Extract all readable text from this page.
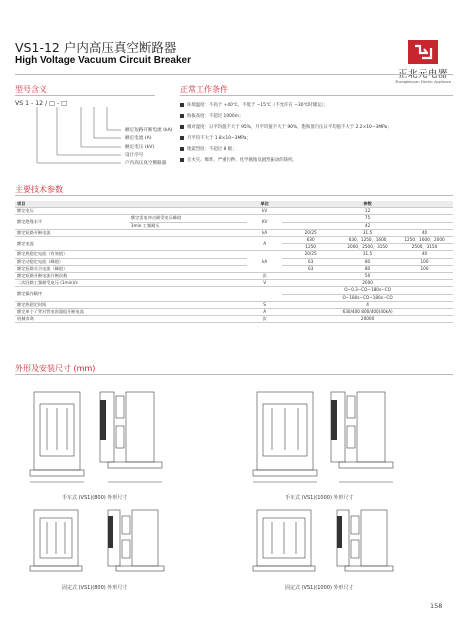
VS1-12 户内高压真空断路器
High Voltage Vacuum Circuit Breaker
Zhengbeiyuan Electric Appliance
型号含义
VS 1 - 12 / □ - □
额定短路开断电流 (kA)
额定电流 (A)
额定电压 (kV)
设计序号
户内高压真空断路器
正常工作条件
环境温度：不高于 +40℃，不低于 −15℃（不允许在 −30℃时储运）；
海拔高度：不超过 1000m；
相对湿度：日平均值不大于 95%，月平均值不大于 90%，饱和蒸汽压日平均值不大于 2.2×10−3MPa；
月平均不大于 1.8×10−3MPa；
地震烈度：不超过 8 级；
无火灾、爆炸、严重污秽、化学腐蚀及剧烈振动的场所。
主要技术参数
项目		单位	参数		
额定电压		kV	12		
额定绝缘水平	额定雷电冲击耐受电压峰值	KV	75		
	1min 工频耐压		42		
额定短路开断电流		kA	20/25	31.5	40
额定电流		A	630	630、1250、1600	1250、1600、2000
			1250	2000、2500、3150	2500、3150
额定热稳定电流（有效值）		kA	20/25	31.5	40
额定动稳定电流（峰值）			63	80	100
额定短路关合电流（峰值）			63	80	100
额定短路开断电流开断次数		次	50		
二次回路工频耐受电压 (1min)/s		V	2000		
额定操作顺序			O−0.3−CO−180s−CO		
			O−180s−CO−180s−CO		
额定热稳定时间		S	4		
额定单个 / 背对背电容器组开断电流		A	630/400 800/400(40kA)		
机械寿命		次	20000		
外形及安装尺寸 (mm)
手车式 (VS1)(800) 外形尺寸	手车式 (VS1)(1000) 外形尺寸
固定式 (VS1)(800) 外形尺寸	固定式 (VS1)(1000) 外形尺寸
158
